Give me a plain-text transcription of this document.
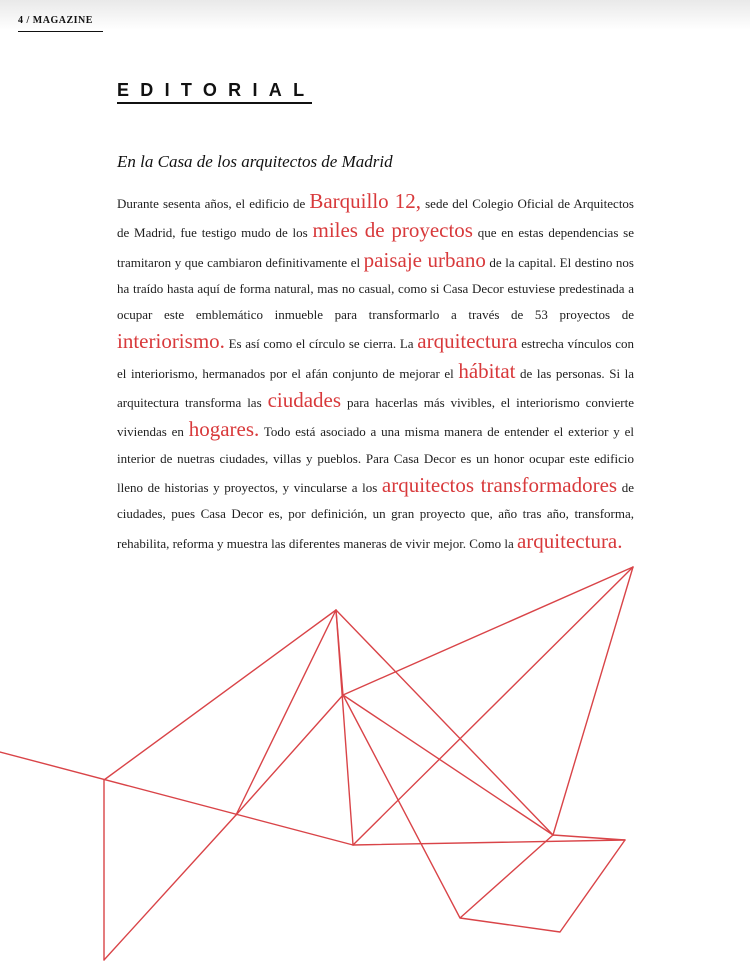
4 / MAGAZINE
EDITORIAL
En la Casa de los arquitectos de Madrid
Durante sesenta años, el edificio de Barquillo 12, sede del Colegio Oficial de Arquitectos de Madrid, fue testigo mudo de los miles de proyectos que en estas dependencias se tramitaron y que cambiaron definitivamente el paisaje urbano de la capital. El destino nos ha traído hasta aquí de forma natural, mas no casual, como si Casa Decor estuviese predestinada a ocupar este emblemático inmueble para transformarlo a través de 53 proyectos de interiorismo. Es así como el círculo se cierra. La arquitectura estrecha vínculos con el interiorismo, hermanados por el afán conjunto de mejorar el hábitat de las personas. Si la arquitectura transforma las ciudades para hacerlas más vivibles, el interiorismo convierte viviendas en hogares. Todo está asociado a una misma manera de entender el exterior y el interior de nuetras ciudades, villas y pueblos. Para Casa Decor es un honor ocupar este edificio lleno de historias y proyectos, y vincularse a los arquitectos transformadores de ciudades, pues Casa Decor es, por definición, un gran proyecto que, año tras año, transforma, rehabilita, reforma y muestra las diferentes maneras de vivir mejor. Como la arquitectura.
